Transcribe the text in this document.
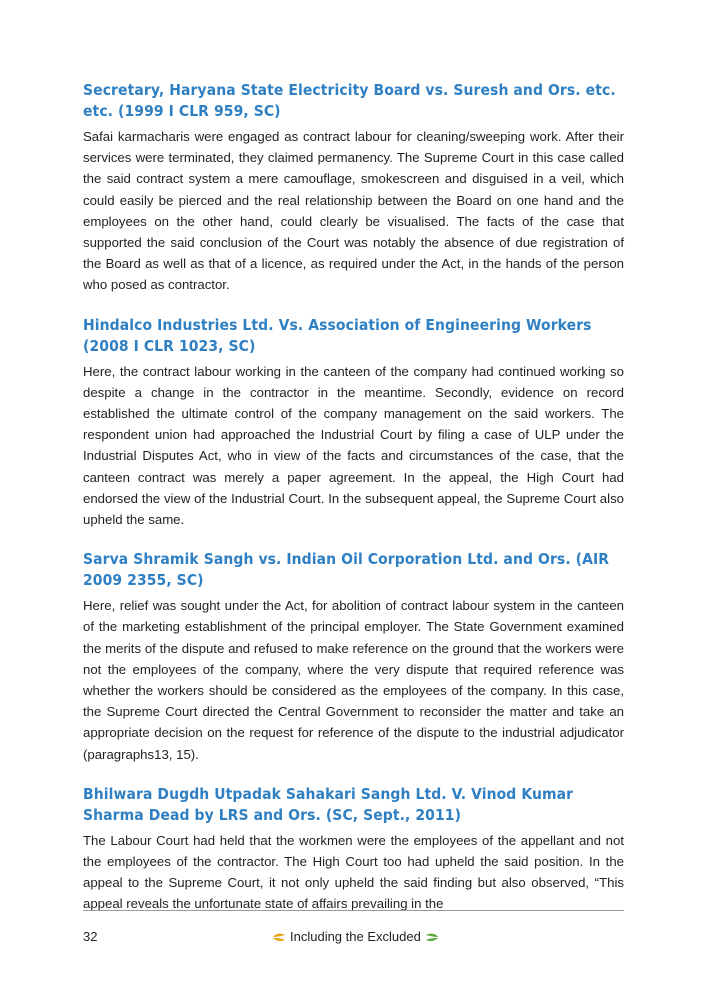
Secretary, Haryana State Electricity Board vs. Suresh and Ors. etc. etc. (1999 I CLR 959, SC)

Safai karmacharis were engaged as contract labour for cleaning/sweeping work. After their services were terminated, they claimed permanency. The Supreme Court in this case called the said contract system a mere camouflage, smokescreen and disguised in a veil, which could easily be pierced and the real relationship between the Board on one hand and the employees on the other hand, could clearly be visualised. The facts of the case that supported the said conclusion of the Court was notably the absence of due registration of the Board as well as that of a licence, as required under the Act, in the hands of the person who posed as contractor.

Hindalco Industries Ltd. Vs. Association of Engineering Workers (2008 I CLR 1023, SC)

Here, the contract labour working in the canteen of the company had continued working so despite a change in the contractor in the meantime. Secondly, evidence on record established the ultimate control of the company management on the said workers. The respondent union had approached the Industrial Court by filing a case of ULP under the Industrial Disputes Act, who in view of the facts and circumstances of the case, that the canteen contract was merely a paper agreement. In the appeal, the High Court had endorsed the view of the Industrial Court. In the subsequent appeal, the Supreme Court also upheld the same.

Sarva Shramik Sangh vs. Indian Oil Corporation Ltd. and Ors. (AIR 2009 2355, SC)

Here, relief was sought under the Act, for abolition of contract labour system in the canteen of the marketing establishment of the principal employer. The State Government examined the merits of the dispute and refused to make reference on the ground that the workers were not the employees of the company, where the very dispute that required reference was whether the workers should be considered as the employees of the company. In this case, the Supreme Court directed the Central Government to reconsider the matter and take an appropriate decision on the request for reference of the dispute to the industrial adjudicator (paragraphs13, 15).

Bhilwara Dugdh Utpadak Sahakari Sangh Ltd. V. Vinod Kumar Sharma Dead by LRS and Ors. (SC, Sept., 2011)

The Labour Court had held that the workmen were the employees of the appellant and not the employees of the contractor. The High Court too had upheld the said position. In the appeal to the Supreme Court, it not only upheld the said finding but also observed, “This appeal reveals the unfortunate state of affairs prevailing in the

32	Including the Excluded
